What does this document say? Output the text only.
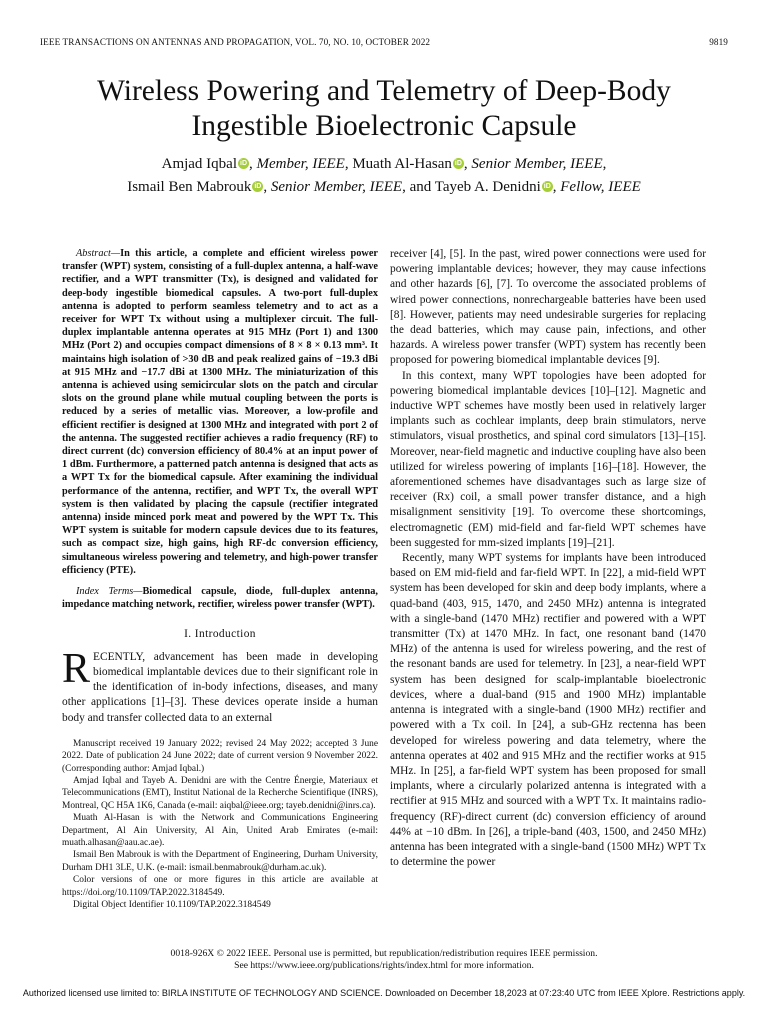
IEEE TRANSACTIONS ON ANTENNAS AND PROPAGATION, VOL. 70, NO. 10, OCTOBER 2022	9819
Wireless Powering and Telemetry of Deep-Body
Ingestible Bioelectronic Capsule
Amjad Iqbal iD , Member, IEEE, Muath Al-Hasan iD , Senior Member, IEEE,
Ismail Ben Mabrouk iD , Senior Member, IEEE, and Tayeb A. Denidni iD , Fellow, IEEE

Abstract—In this article, a complete and efficient wireless power transfer (WPT) system, consisting of a full-duplex antenna, a half-wave rectifier, and a WPT transmitter (Tx), is designed and validated for deep-body ingestible biomedical capsules. A two-port full-duplex antenna is adopted to perform seamless telemetry and to act as a receiver for WPT Tx without using a multiplexer circuit. The full-duplex implantable antenna operates at 915 MHz (Port 1) and 1300 MHz (Port 2) and occupies compact dimensions of 8 × 8 × 0.13 mm³. It maintains high isolation of >30 dB and peak realized gains of −19.3 dBi at 915 MHz and −17.7 dBi at 1300 MHz. The miniaturization of this antenna is achieved using semicircular slots on the patch and circular slots on the ground plane while mutual coupling between the ports is reduced by a series of metallic vias. Moreover, a low-profile and efficient rectifier is designed at 1300 MHz and integrated with port 2 of the antenna. The suggested rectifier achieves a radio frequency (RF) to direct current (dc) conversion efficiency of 80.4% at an input power of 1 dBm. Furthermore, a patterned patch antenna is designed that acts as a WPT Tx for the biomedical capsule. After examining the individual performance of the antenna, rectifier, and WPT Tx, the overall WPT system is then validated by placing the capsule (rectifier integrated antenna) inside minced pork meat and powered by the WPT Tx. This WPT system is suitable for modern capsule devices due to its features, such as compact size, high gains, high RF-dc conversion efficiency, simultaneous wireless powering and telemetry, and high-power transfer efficiency (PTE).

Index Terms—Biomedical capsule, diode, full-duplex antenna, impedance matching network, rectifier, wireless power transfer (WPT).

I. Introduction

RECENTLY, advancement has been made in developing biomedical implantable devices due to their significant role in the identification of in-body infections, diseases, and many other applications [1]–[3]. These devices operate inside a human body and transfer collected data to an external

Manuscript received 19 January 2022; revised 24 May 2022; accepted 3 June 2022. Date of publication 24 June 2022; date of current version 9 November 2022. (Corresponding author: Amjad Iqbal.)

Amjad Iqbal and Tayeb A. Denidni are with the Centre Énergie, Materiaux et Telecommunications (EMT), Institut National de la Recherche Scientifique (INRS), Montreal, QC H5A 1K6, Canada (e-mail: aiqbal@ieee.org; tayeb.denidni@inrs.ca).

Muath Al-Hasan is with the Network and Communications Engineering Department, Al Ain University, Al Ain, United Arab Emirates (e-mail: muath.alhasan@aau.ac.ae).

Ismail Ben Mabrouk is with the Department of Engineering, Durham University, Durham DH1 3LE, U.K. (e-mail: ismail.benmabrouk@durham.ac.uk).

Color versions of one or more figures in this article are available at https://doi.org/10.1109/TAP.2022.3184549.

Digital Object Identifier 10.1109/TAP.2022.3184549

receiver [4], [5]. In the past, wired power connections were used for powering implantable devices; however, they may cause infections and other hazards [6], [7]. To overcome the associated problems of wired power connections, nonrechargeable batteries have been used [8]. However, patients may need undesirable surgeries for replacing the dead batteries, which may cause pain, infections, and other hazards. A wireless power transfer (WPT) system has recently been proposed for powering biomedical implantable devices [9].

In this context, many WPT topologies have been adopted for powering biomedical implantable devices [10]–[12]. Magnetic and inductive WPT schemes have mostly been used in relatively larger implants such as cochlear implants, deep brain stimulators, nerve stimulators, visual prosthetics, and spinal cord simulators [13]–[15]. Moreover, near-field magnetic and inductive coupling have also been utilized for wireless powering of implants [16]–[18]. However, the aforementioned schemes have disadvantages such as large size of receiver (Rx) coil, a small power transfer distance, and a high misalignment sensitivity [19]. To overcome these shortcomings, electromagnetic (EM) mid-field and far-field WPT schemes have been suggested for mm-sized implants [19]–[21].

Recently, many WPT systems for implants have been introduced based on EM mid-field and far-field WPT. In [22], a mid-field WPT system has been developed for skin and deep body implants, where a quad-band (403, 915, 1470, and 2450 MHz) antenna is integrated with a single-band (1470 MHz) rectifier and powered with a WPT transmitter (Tx) at 1470 MHz. In fact, one resonant band (1470 MHz) of the antenna is used for wireless powering, and the rest of the resonant bands are used for telemetry. In [23], a near-field WPT system has been designed for scalp-implantable bioelectronic devices, where a dual-band (915 and 1900 MHz) implantable antenna is integrated with a single-band (1900 MHz) rectifier and powered with a Tx coil. In [24], a sub-GHz rectenna has been developed for wireless powering and data telemetry, where the antenna operates at 402 and 915 MHz and the rectifier works at 915 MHz. In [25], a far-field WPT system has been proposed for small implants, where a circularly polarized antenna is integrated with a rectifier at 915 MHz and sourced with a WPT Tx. It maintains radio-frequency (RF)-direct current (dc) conversion efficiency of around 44% at −10 dBm. In [26], a triple-band (403, 1500, and 2450 MHz) antenna has been integrated with a single-band (1500 MHz) WPT Tx to determine the power

0018-926X © 2022 IEEE. Personal use is permitted, but republication/redistribution requires IEEE permission.
See https://www.ieee.org/publications/rights/index.html for more information.
Authorized licensed use limited to: BIRLA INSTITUTE OF TECHNOLOGY AND SCIENCE. Downloaded on December 18,2023 at 07:23:40 UTC from IEEE Xplore. Restrictions apply.
